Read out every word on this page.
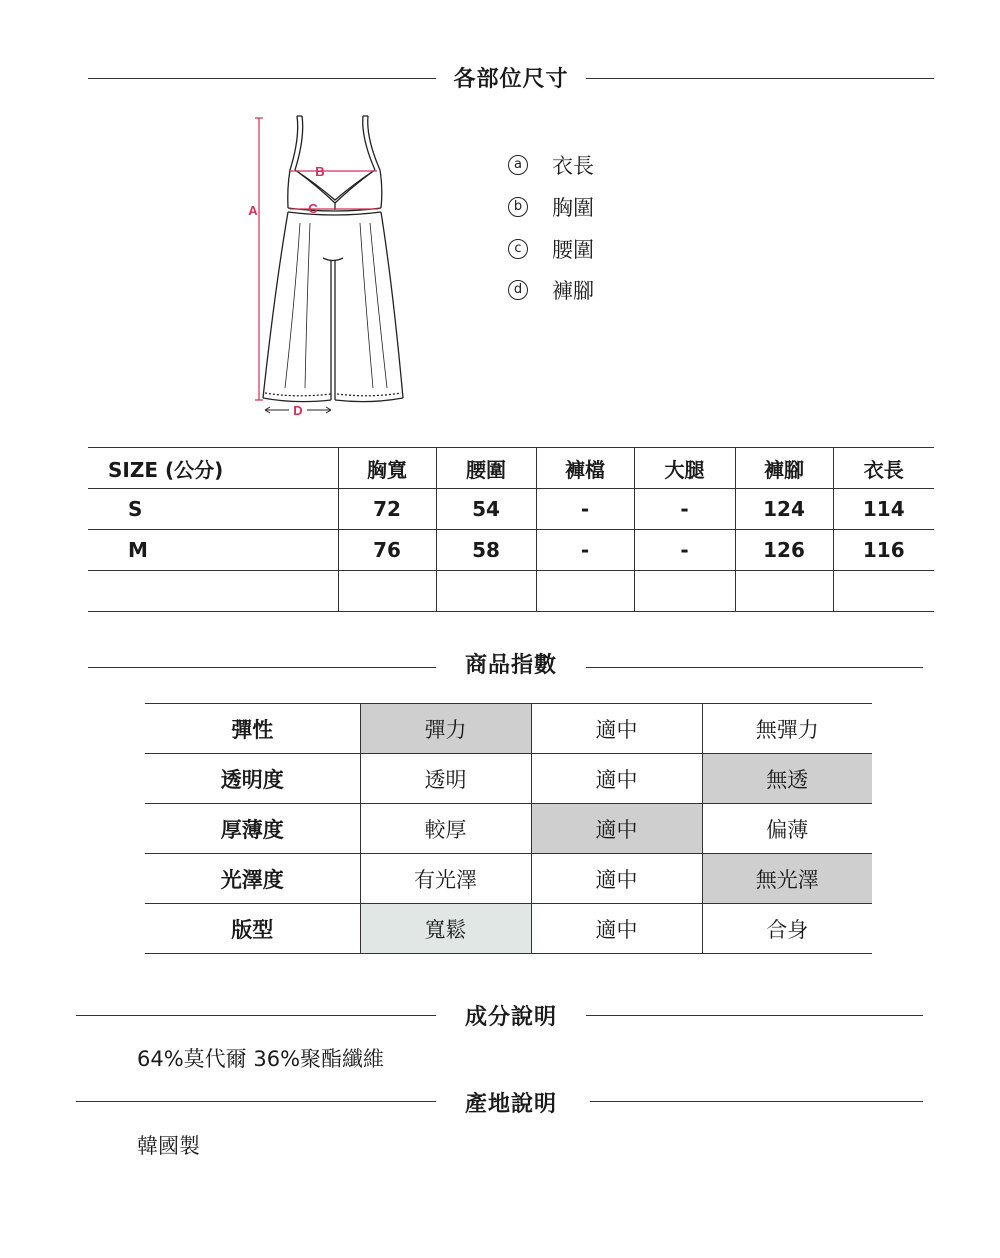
各部位尺寸
A
B
C
D
a 衣長
b 胸圍
c	腰圍
d 褲腳
SIZE (公分)	胸寬	腰圍	褲檔	大腿	褲腳	衣長
S	72	54	-	-	124	114
M	76	58	-	-	126	116

商品指數
彈性	彈力	適中	無彈力
透明度	透明	適中	無透
厚薄度	較厚	適中	偏薄
光澤度	有光澤	適中	無光澤
版型	寬鬆	適中	合身
成分說明
64%莫代爾 36%聚酯纖維
產地說明
韓國製
